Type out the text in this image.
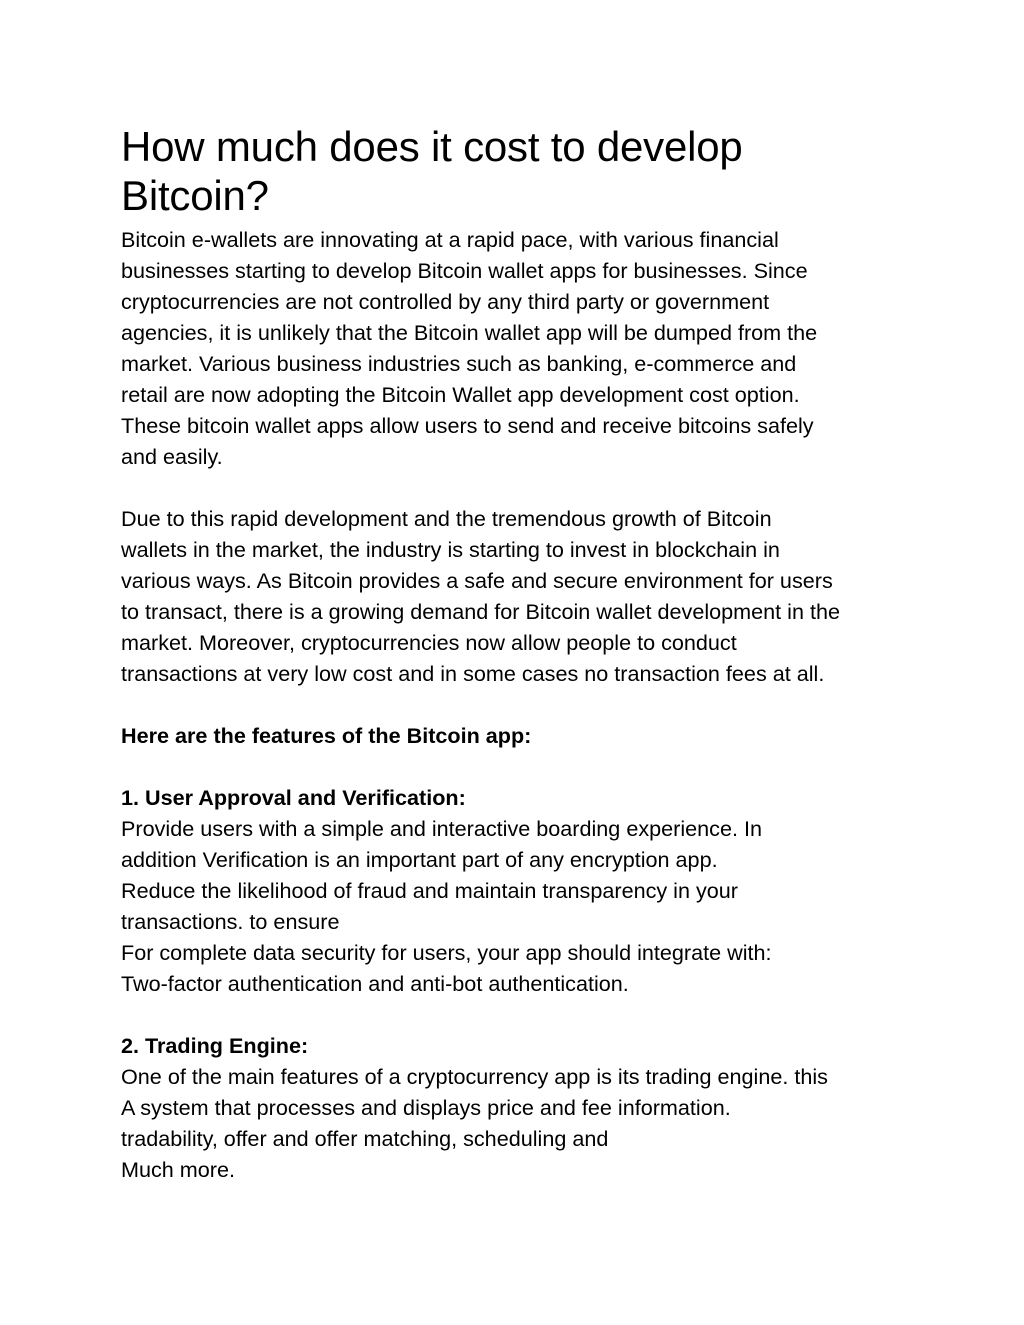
How much does it cost to develop
Bitcoin?
Bitcoin e-wallets are innovating at a rapid pace, with various financial
businesses starting to develop Bitcoin wallet apps for businesses. Since
cryptocurrencies are not controlled by any third party or government
agencies, it is unlikely that the Bitcoin wallet app will be dumped from the
market. Various business industries such as banking, e-commerce and
retail are now adopting the Bitcoin Wallet app development cost option.
These bitcoin wallet apps allow users to send and receive bitcoins safely
and easily.
Due to this rapid development and the tremendous growth of Bitcoin
wallets in the market, the industry is starting to invest in blockchain in
various ways. As Bitcoin provides a safe and secure environment for users
to transact, there is a growing demand for Bitcoin wallet development in the
market. Moreover, cryptocurrencies now allow people to conduct
transactions at very low cost and in some cases no transaction fees at all.
Here are the features of the Bitcoin app:
1. User Approval and Verification:
Provide users with a simple and interactive boarding experience. In
addition Verification is an important part of any encryption app.
Reduce the likelihood of fraud and maintain transparency in your
transactions. to ensure
For complete data security for users, your app should integrate with:
Two-factor authentication and anti-bot authentication.
2. Trading Engine:
One of the main features of a cryptocurrency app is its trading engine. this
A system that processes and displays price and fee information.
tradability, offer and offer matching, scheduling and
Much more.
